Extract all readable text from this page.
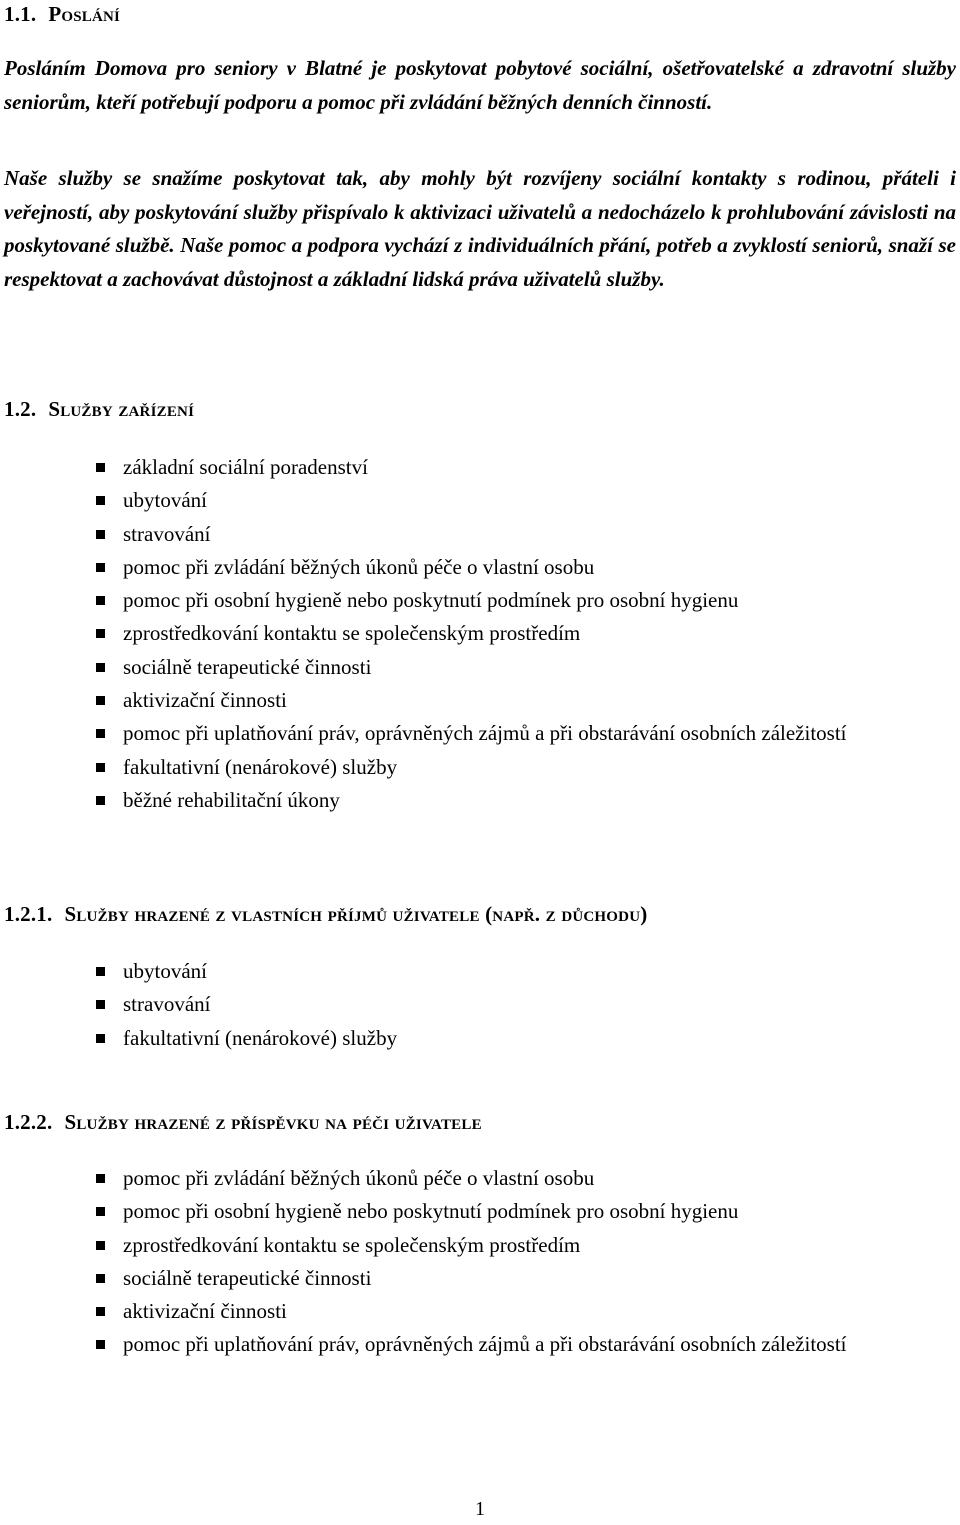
1.1. Poslání

Posláním Domova pro seniory v Blatné je poskytovat pobytové sociální, ošetřovatelské a zdravotní služby seniorům, kteří potřebují podporu a pomoc při zvládání běžných denních činností.

Naše služby se snažíme poskytovat tak, aby mohly být rozvíjeny sociální kontakty s rodinou, přáteli i veřejností, aby poskytování služby přispívalo k aktivizaci uživatelů a nedocházelo k prohlubování závislosti na poskytované službě. Naše pomoc a podpora vychází z individuálních přání, potřeb a zvyklostí seniorů, snaží se respektovat a zachovávat důstojnost a základní lidská práva uživatelů služby.

1.2. Služby zařízení
základní sociální poradenství
ubytování
stravování
pomoc při zvládání běžných úkonů péče o vlastní osobu
pomoc při osobní hygieně nebo poskytnutí podmínek pro osobní hygienu
zprostředkování kontaktu se společenským prostředím
sociálně terapeutické činnosti
aktivizační činnosti
pomoc při uplatňování práv, oprávněných zájmů a při obstarávání osobních záležitostí
fakultativní (nenárokové) služby
běžné rehabilitační úkony
1.2.1. Služby hrazené z vlastních příjmů uživatele (např. z důchodu)
ubytování
stravování
fakultativní (nenárokové) služby
1.2.2. Služby hrazené z příspěvku na péči uživatele
pomoc při zvládání běžných úkonů péče o vlastní osobu
pomoc při osobní hygieně nebo poskytnutí podmínek pro osobní hygienu
zprostředkování kontaktu se společenským prostředím
sociálně terapeutické činnosti
aktivizační činnosti
pomoc při uplatňování práv, oprávněných zájmů a při obstarávání osobních záležitostí
1
